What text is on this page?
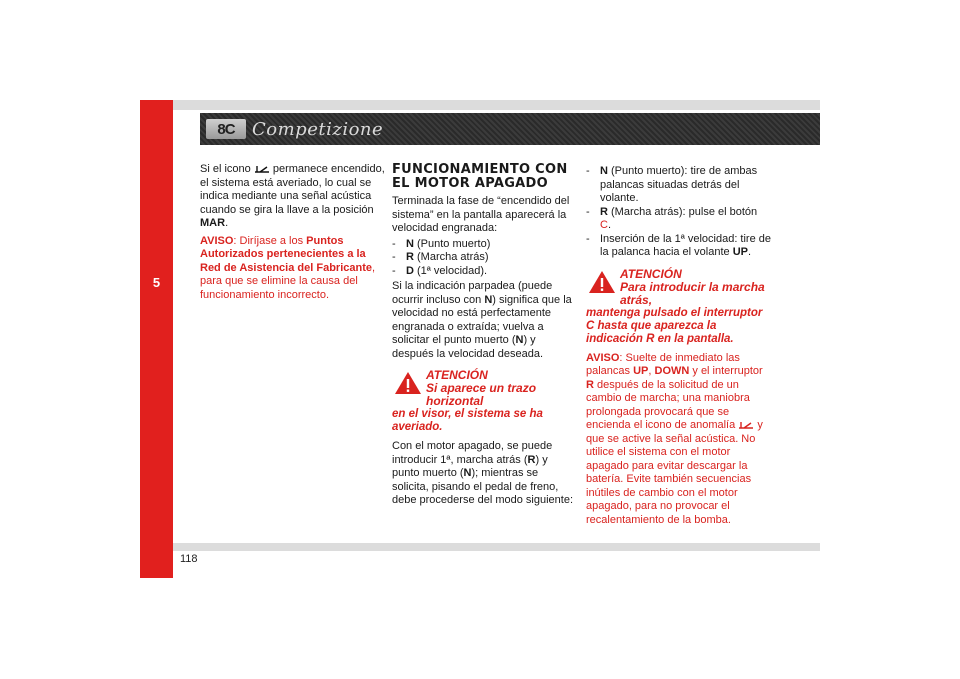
5
8C Competizione

Si el icono  permanece encendido, el sistema está averiado, lo cual se indica mediante una señal acústica cuando se gira la llave a la posición MAR.

AVISO: Diríjase a los Puntos Autorizados pertenecientes a la Red de Asistencia del Fabricante, para que se elimine la causa del funcionamiento incorrecto.

FUNCIONAMIENTO CON EL MOTOR APAGADO

Terminada la fase de “encendido del sistema” en la pantalla aparecerá la velocidad engranada:

- N (Punto muerto)
- R (Marcha atrás)
- D (1ª velocidad).

Si la indicación parpadea (puede ocurrir incluso con N) significa que la velocidad no está perfectamente engranada o extraída; vuelva a solicitar el punto muerto (N) y después la velocidad deseada.

ATENCIÓN
Si aparece un trazo horizontal
en el visor, el sistema se ha averiado.

Con el motor apagado, se puede introducir 1ª, marcha atrás (R) y punto muerto (N); mientras se solicita, pisando el pedal de freno, debe procederse del modo siguiente:

- N (Punto muerto): tire de ambas palancas situadas detrás del volante.
- R (Marcha atrás): pulse el botón C.
- Inserción de la 1ª velocidad: tire de la palanca hacia el volante UP.
ATENCIÓN
Para introducir la marcha atrás,
mantenga pulsado el interruptor C hasta que aparezca la indicación R en la pantalla.

AVISO: Suelte de inmediato las palancas UP, DOWN y el interruptor R después de la solicitud de un cambio de marcha; una maniobra prolongada provocará que se encienda el icono de anomalía  y que se active la señal acústica. No utilice el sistema con el motor apagado para evitar descargar la batería. Evite también secuencias inútiles de cambio con el motor apagado, para no provocar el recalentamiento de la bomba.

118
